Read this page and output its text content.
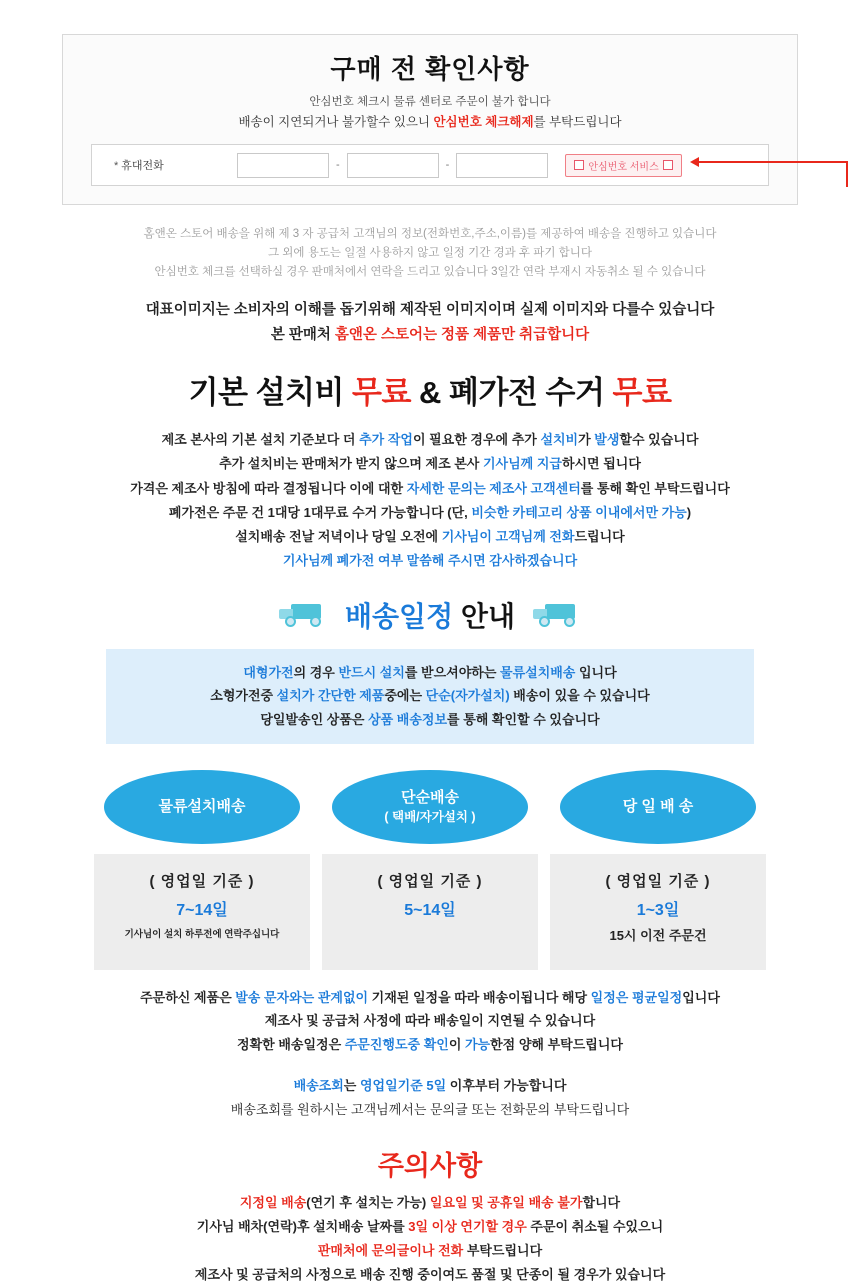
구매 전 확인사항
안심번호 체크시 물류 센터로 주문이 불가 합니다
배송이 지연되거나 불가할수 있으니 안심번호 체크해제를 부탁드립니다
* 휴대전화	-	-	안심번호 서비스
홈앤온 스토어 배송을 위해 제 3 자 공급처 고객님의 정보(전화번호,주소,이름)를 제공하여 배송을 진행하고 있습니다
그 외에 용도는 일절 사용하지 않고 일정 기간 경과 후 파기 합니다
안심번호 체크를 선택하실 경우 판매처에서 연락을 드리고 있습니다 3일간 연락 부재시 자동취소 될 수 있습니다
대표이미지는 소비자의 이해를 돕기위해 제작된 이미지이며 실제 이미지와 다를수 있습니다
본 판매처 홈앤온 스토어는 정품 제품만 취급합니다
기본 설치비 무료 & 폐가전 수거 무료
제조 본사의 기본 설치 기준보다 더 추가 작업이 필요한 경우에 추가 설치비가 발생할수 있습니다
추가 설치비는 판매처가 받지 않으며 제조 본사 기사님께 지급하시면 됩니다
가격은 제조사 방침에 따라 결정됩니다 이에 대한 자세한 문의는 제조사 고객센터를 통해 확인 부탁드립니다
폐가전은 주문 건 1대당 1대무료 수거 가능합니다 (단, 비슷한 카테고리 상품 이내에서만 가능)
설치배송 전날 저녁이나 당일 오전에 기사님이 고객님께 전화드립니다
기사님께 폐가전 여부 말씀해 주시면 감사하겠습니다
배송일정 안내
대형가전의 경우 반드시 설치를 받으셔야하는 물류설치배송 입니다
소형가전중 설치가 간단한 제품중에는 단순(자가설치) 배송이 있을 수 있습니다
당일발송인 상품은 상품 배송정보를 통해 확인할 수 있습니다
물류설치배송
( 영업일 기준 )
7~14일
기사님이 설치 하루전에 연락주십니다
단순배송
( 택배/자가설치 )
( 영업일 기준 )
5~14일
당 일 배 송
( 영업일 기준 )
1~3일
15시 이전 주문건
주문하신 제품은 발송 문자와는 관계없이 기재된 일정을 따라 배송이됩니다 해당 일정은 평균일정입니다
제조사 및 공급처 사정에 따라 배송일이 지연될 수 있습니다
정확한 배송일정은 주문진행도중 확인이 가능한점 양해 부탁드립니다
배송조회는 영업일기준 5일 이후부터 가능합니다
배송조회를 원하시는 고객님께서는 문의글 또는 전화문의 부탁드립니다
주의사항
지정일 배송(연기 후 설치는 가능) 일요일 및 공휴일 배송 불가합니다
기사님 배차(연락)후 설치배송 날짜를 3일 이상 연기할 경우 주문이 취소될 수있으니
판매처에 문의글이나 전화 부탁드립니다
제조사 및 공급처의 사정으로 배송 진행 중이여도 품절 및 단종이 될 경우가 있습니다
